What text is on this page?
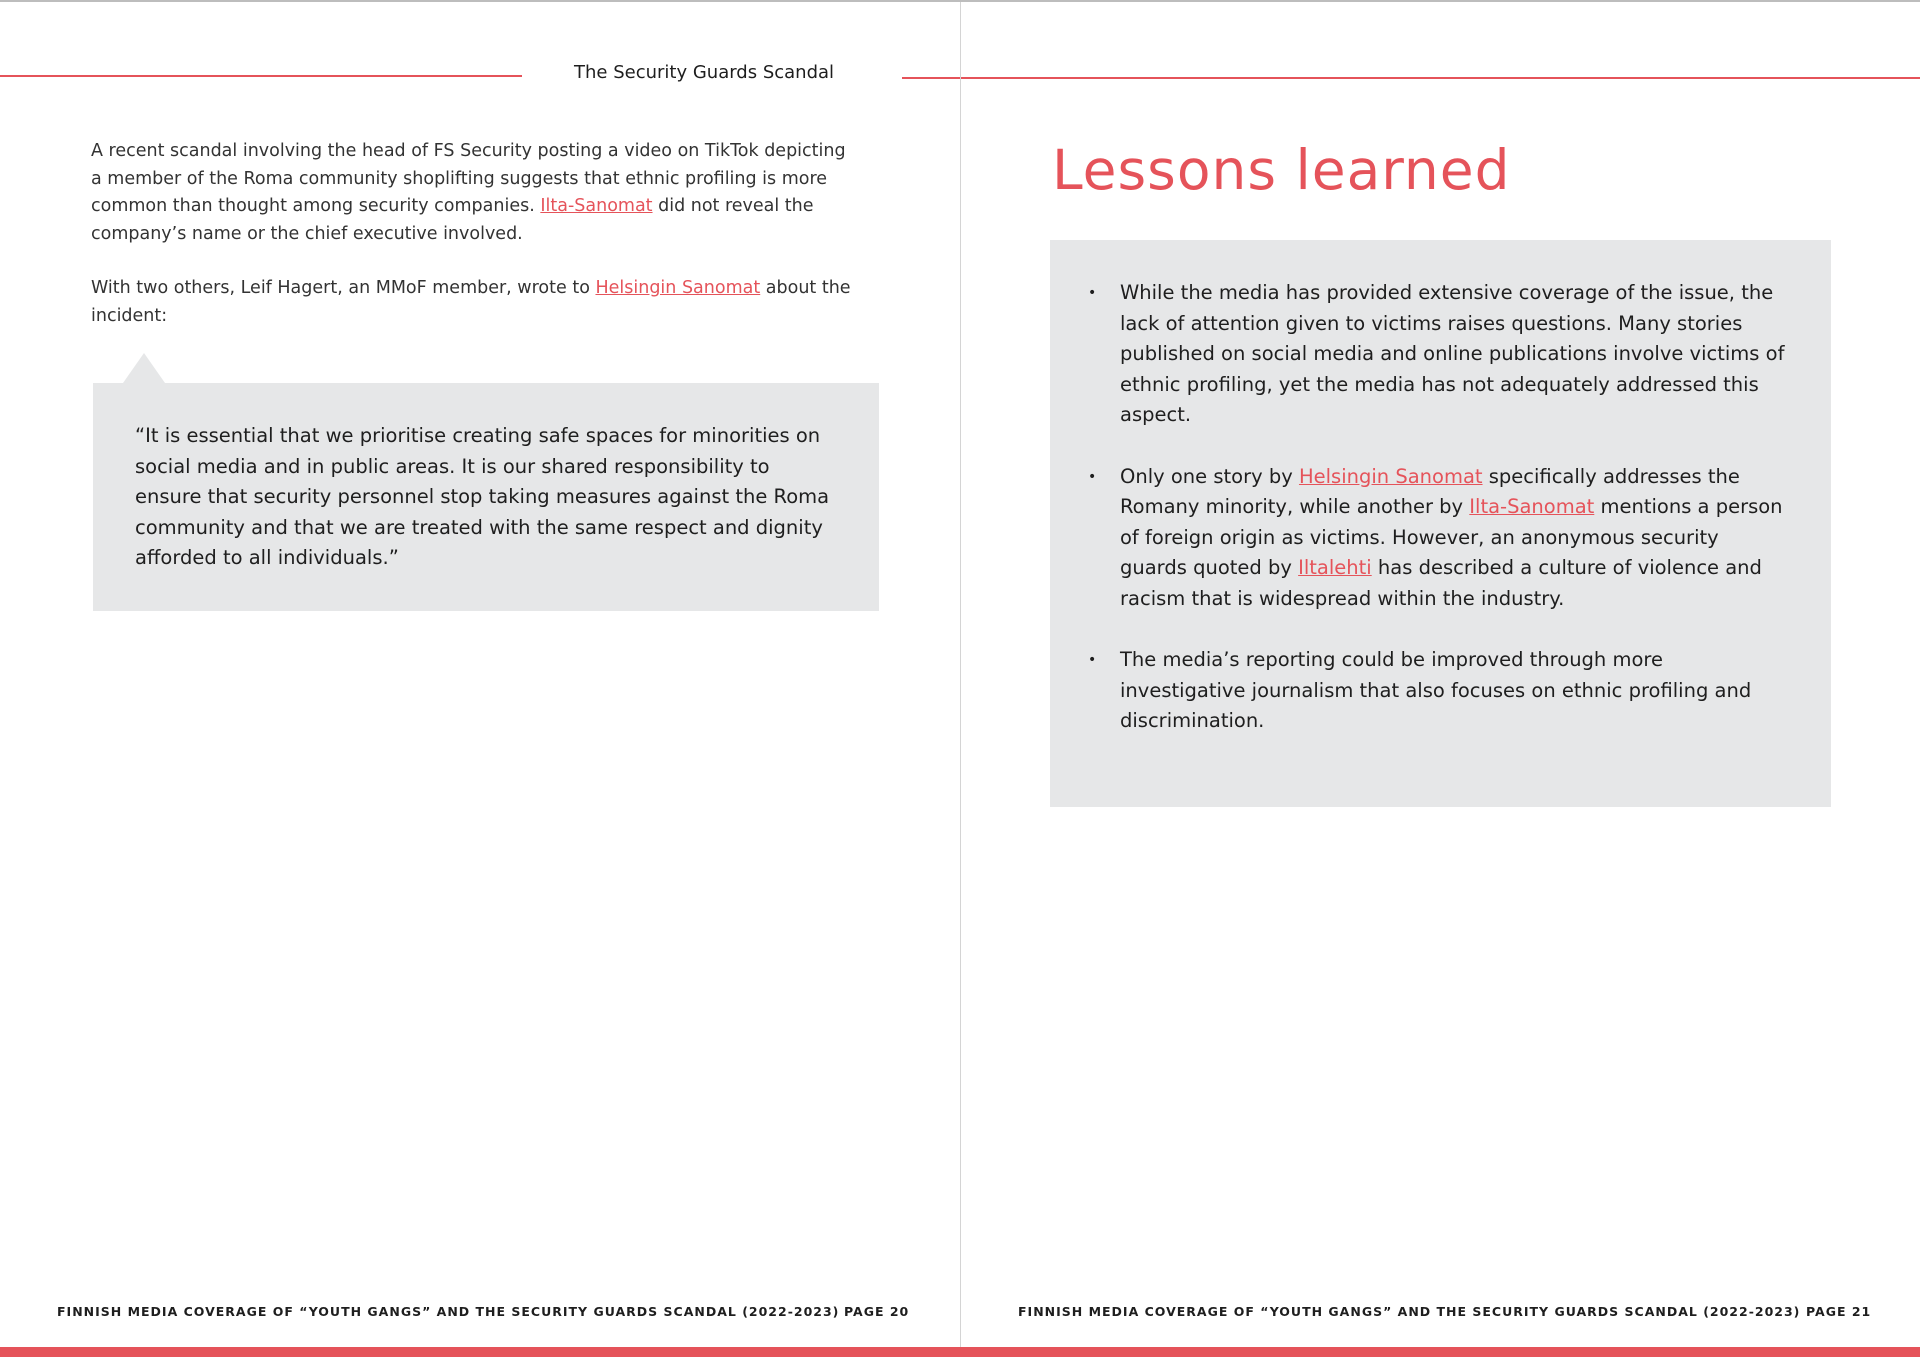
The Security Guards Scandal

A recent scandal involving the head of FS Security posting a video on TikTok depicting a member of the Roma community shoplifting suggests that ethnic profiling is more common than thought among security companies. Ilta-Sanomat did not reveal the company’s name or the chief executive involved.

With two others, Leif Hagert, an MMoF member, wrote to Helsingin Sanomat about the incident:

“It is essential that we prioritise creating safe spaces for minorities on social media and in public areas. It is our shared responsibility to ensure that security personnel stop taking measures against the Roma community and that we are treated with the same respect and dignity afforded to all individuals.”
FINNISH MEDIA COVERAGE OF “YOUTH GANGS” AND THE SECURITY GUARDS SCANDAL (2022-2023) PAGE 20
Lessons learned
• While the media has provided extensive coverage of the issue, the lack of attention given to victims raises questions. Many stories published on social media and online publications involve victims of ethnic profiling, yet the media has not adequately addressed this aspect.
• Only one story by Helsingin Sanomat specifically addresses the Romany minority, while another by Ilta-Sanomat mentions a person of foreign origin as victims. However, an anonymous security guards quoted by Iltalehti has described a culture of violence and racism that is widespread within the industry.
• The media’s reporting could be improved through more investigative journalism that also focuses on ethnic profiling and discrimination.
FINNISH MEDIA COVERAGE OF “YOUTH GANGS” AND THE SECURITY GUARDS SCANDAL (2022-2023) PAGE 21
